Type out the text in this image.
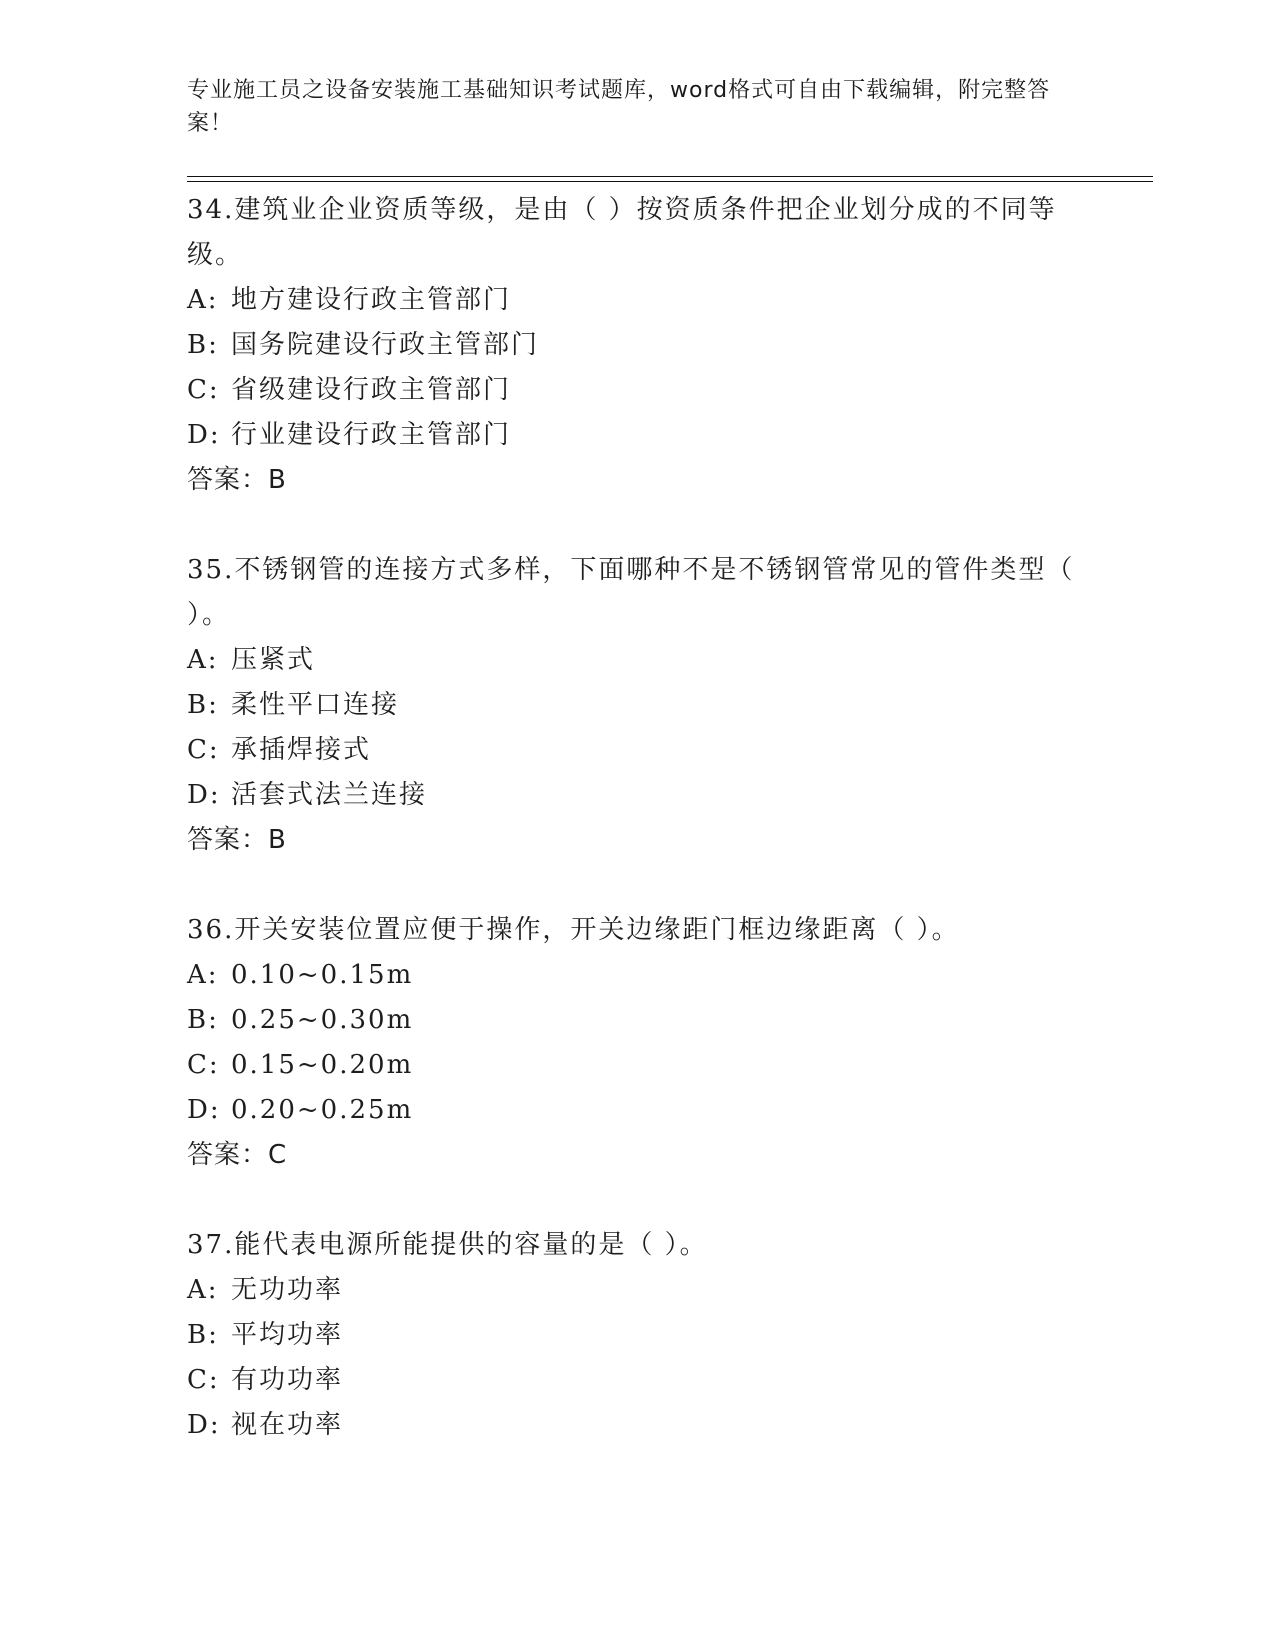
专业施工员之设备安装施工基础知识考试题库，word格式可自由下载编辑，附完整答案！

34.建筑业企业资质等级，是由（ ）按资质条件把企业划分成的不同等级。

A: 地方建设行政主管部门

B: 国务院建设行政主管部门

C: 省级建设行政主管部门

D: 行业建设行政主管部门

答案：B

35.不锈钢管的连接方式多样，下面哪种不是不锈钢管常见的管件类型（ ）。

A: 压紧式

B: 柔性平口连接

C: 承插焊接式

D: 活套式法兰连接

答案：B

36.开关安装位置应便于操作，开关边缘距门框边缘距离（ ）。

A: 0.10~0.15m

B: 0.25~0.30m

C: 0.15~0.20m

D: 0.20~0.25m

答案：C

37.能代表电源所能提供的容量的是（ ）。

A: 无功功率

B: 平均功率

C: 有功功率

D: 视在功率
